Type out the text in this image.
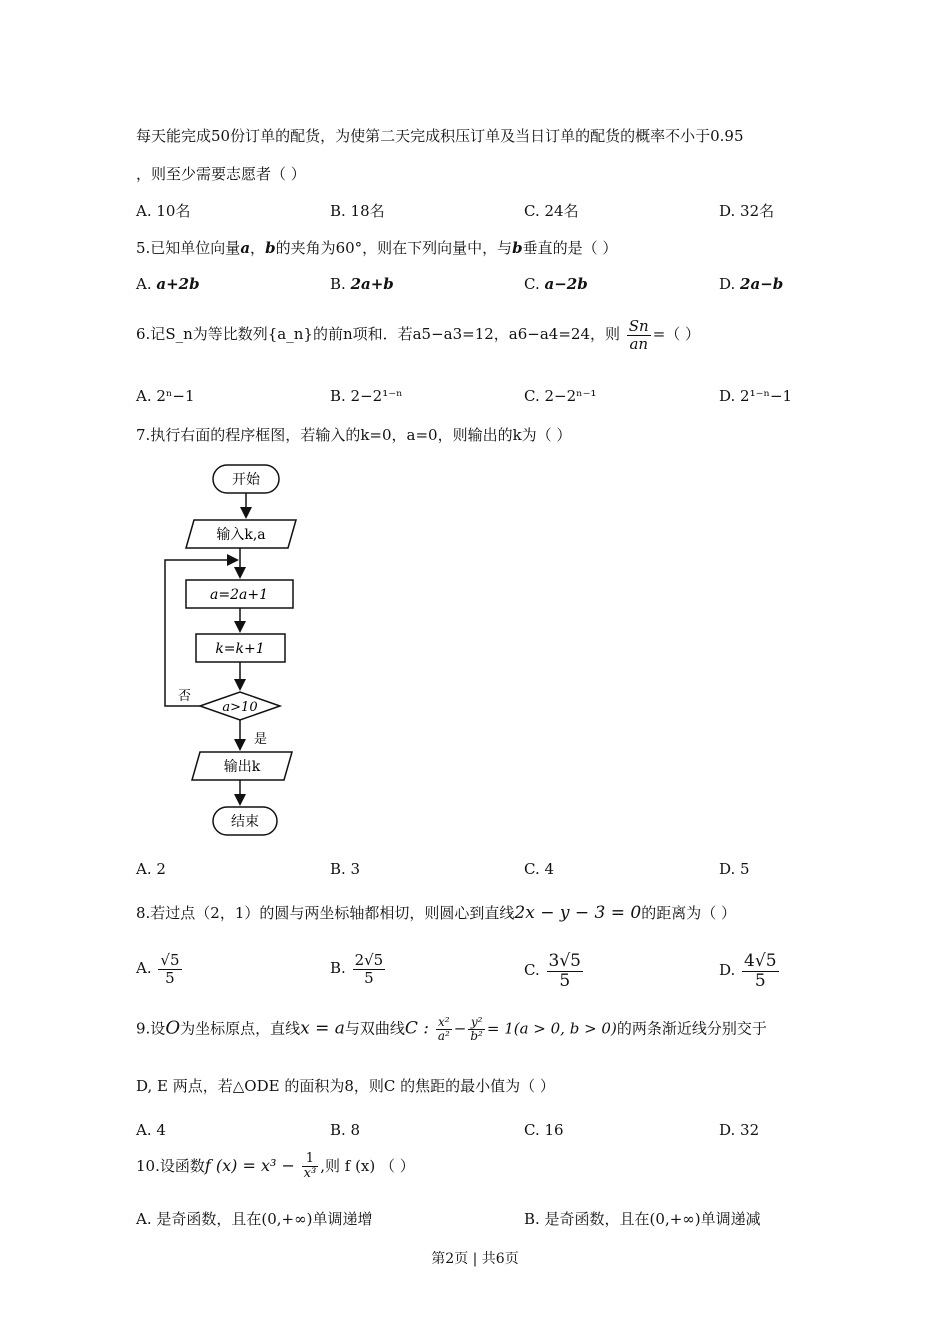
每天能完成50份订单的配货，为使第二天完成积压订单及当日订单的配货的概率不小于0.95
，则至少需要志愿者（ ）
A. 10名	B. 18名	C. 24名	D. 32名
5.已知单位向量a，b的夹角为60°，则在下列向量中，与b垂直的是（ ）
A. a+2b	B. 2a+b	C. a−2b	D. 2a−b
6.记S_n为等比数列{a_n}的前n项和．若a5−a3=12，a6−a4=24，则 $\frac{Sn}{an}$ =（ ）
A. 2ⁿ−1	B. 2−2¹⁻ⁿ	C. 2−2ⁿ⁻¹	D. 2¹⁻ⁿ−1
7.执行右面的程序框图，若输入的k=0，a=0，则输出的k为（ ）
开始
输入k,a
a=2a+1
k=k+1
a>10
否
是
输出k
结束
A. 2	B. 3	C. 4	D. 5
8.若过点（2，1）的圆与两坐标轴都相切，则圆心到直线2x − y − 3 = 0的距离为（ ）
A. $\frac{√5}{5}$	B. $\frac{2√5}{5}$	C. $\frac{3√5}{5}$	D. $\frac{4√5}{5}$
9.设O为坐标原点，直线x = a与双曲线C : $\frac{\text{x²}}{\text{a²}} - \frac{\text{y²}}{\text{b²}} = 1(a > 0$, b > 0)的两条渐近线分别交于
D, E 两点，若△ODE 的面积为8，则C 的焦距的最小值为（ ）
A. 4	B. 8	C. 16	D. 32
10.设函数f $(x) = x^3 - \frac{1}{\text{x³}}$ ,则 f (x) （ ）
A. 是奇函数，且在(0,+∞)单调递增	B. 是奇函数，且在(0,+∞)单调递减
第2页 | 共6页
